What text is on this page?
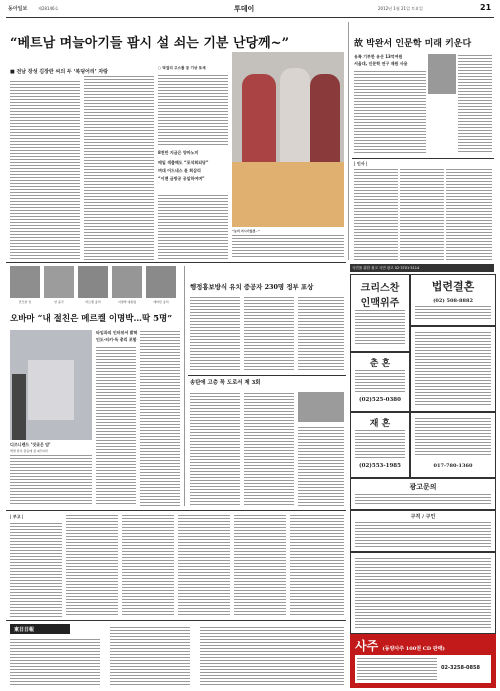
동아일보	제28146호	투데이	2012년 1월 21일 토요일	21
“베트남 며늘아기들 팜시 설 쇠는 기분 난당께~”
■ 전남 장성 김장란 씨의 두 ‘복덩어리’ 자랑
○ 막걸리 고스톱 등 기상 포세
8천만 지금은 양마노미
매일 색출해도 “포석회되당”
며대 어드네스 몫 회삼리
“이젠 금방공 공일하여며”
“농의 겨시기않겠~”
故 박완서 인문학 미래 키운다
유족 기부한 유산 13억여원
서울대, 인문학 연구 재원 사용
| 인사 |
만모한 싱	앙 중국	마르켈 총리	이명박 대통령	캐머런 총리
오바마 “내 절친은 메르켈 이명박…딱 5명”
타임과의 인터뷰서 밝혀
인도·터키·독 총리 포함
디즈니랜드 ‘짓궂은 암’
벽면 한이 관음에 장 4만여러
행정홍보방식 유치 증공자 230명 정부 포상
송탄에 고층 꼭 도로서 제 3회
| 부고 |
東日日報
국민을 위한 광고 국민 광고 02·3701·5114
크리스찬
인맥위주
법련결혼
(02) 508-8882
춘 혼
(02)525-0380
재 혼
(02)553-1985	017-780-1360
광고문의
구직 / 구인
사주 (동양사주 100권 CD 판매)
02-3258-0858
